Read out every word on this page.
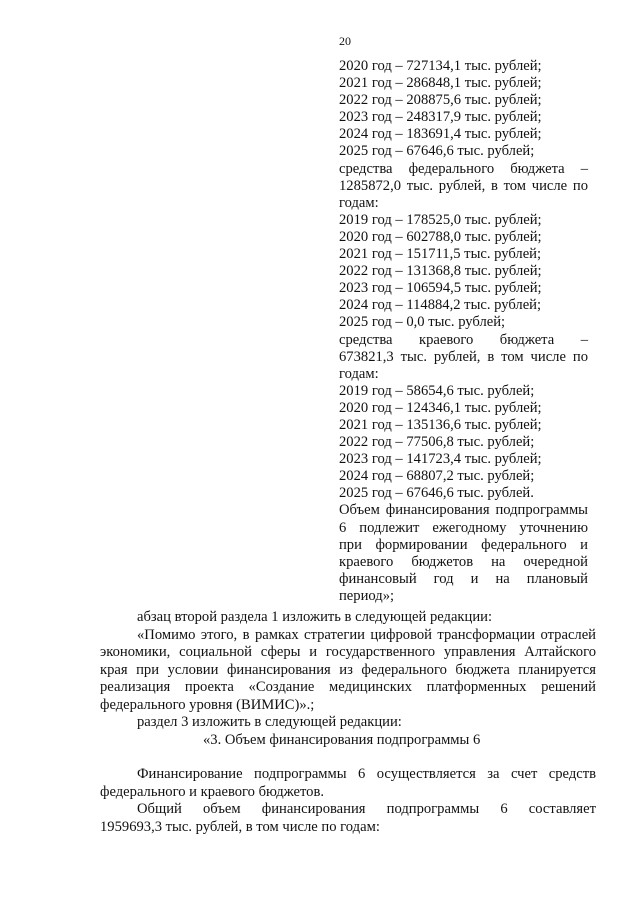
20
2020 год – 727134,1 тыс. рублей;
2021 год – 286848,1 тыс. рублей;
2022 год – 208875,6 тыс. рублей;
2023 год – 248317,9 тыс. рублей;
2024 год – 183691,4 тыс. рублей;
2025 год – 67646,6 тыс. рублей;
средства федерального бюджета –
1285872,0 тыс. рублей, в том числе по
годам:
2019 год – 178525,0 тыс. рублей;
2020 год – 602788,0 тыс. рублей;
2021 год – 151711,5 тыс. рублей;
2022 год – 131368,8 тыс. рублей;
2023 год – 106594,5 тыс. рублей;
2024 год – 114884,2 тыс. рублей;
2025 год – 0,0 тыс. рублей;
средства краевого бюджета –
673821,3 тыс. рублей, в том числе по
годам:
2019 год – 58654,6 тыс. рублей;
2020 год – 124346,1 тыс. рублей;
2021 год – 135136,6 тыс. рублей;
2022 год – 77506,8 тыс. рублей;
2023 год – 141723,4 тыс. рублей;
2024 год – 68807,2 тыс. рублей;
2025 год – 67646,6 тыс. рублей.
Объем финансирования подпрограммы
6 подлежит ежегодному уточнению
при формировании федерального и
краевого бюджетов на очередной
финансовый год и на плановый
период»;
абзац второй раздела 1 изложить в следующей редакции:
«Помимо этого, в рамках стратегии цифровой трансформации отраслей
экономики, социальной сферы и государственного управления Алтайского
края при условии финансирования из федерального бюджета планируется
реализация проекта «Создание медицинских платформенных решений
федерального уровня (ВИМИС)».;
раздел 3 изложить в следующей редакции:
«3. Объем финансирования подпрограммы 6
Финансирование подпрограммы 6 осуществляется за счет средств
федерального и краевого бюджетов.
Общий объем финансирования подпрограммы 6 составляет
1959693,3 тыс. рублей, в том числе по годам:
